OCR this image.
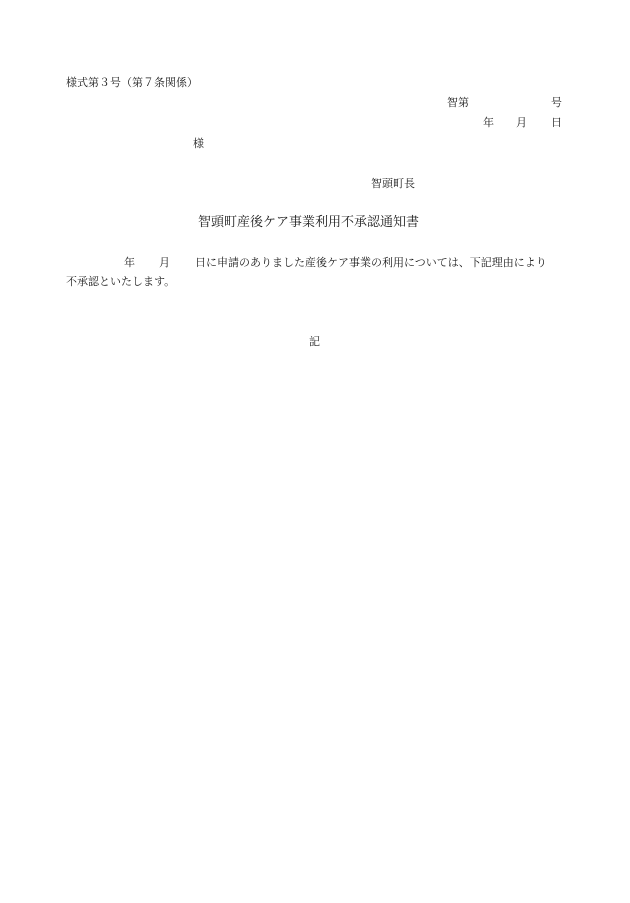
様式第３号（第７条関係）
智第	号
年 月 日
様
智頭町長
智頭町産後ケア事業利用不承認通知書
年 月 日に申請のありました産後ケア事業の利用については、下記理由により
不承認といたします。
記
